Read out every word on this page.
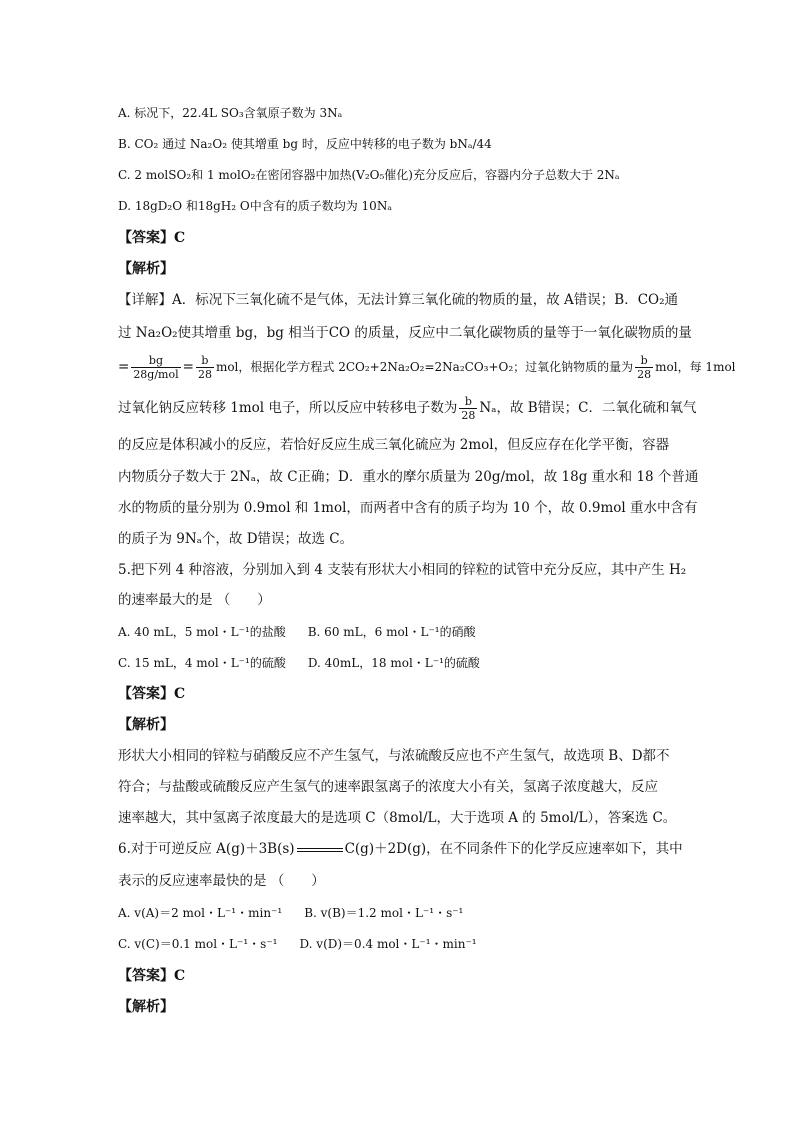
A. 标况下，22.4L SO₃含氧原子数为 3Nₐ
B. CO₂ 通过 Na₂O₂ 使其增重 bg 时，反应中转移的电子数为 bNₐ/44
C. 2 molSO₂和 1 molO₂在密闭容器中加热(V₂O₅催化)充分反应后，容器内分子总数大于 2Nₐ
D. 18gD₂O 和18gH₂ O中含有的质子数均为 10Nₐ
【答案】C
【解析】
【详解】A．标况下三氧化硫不是气体，无法计算三氧化硫的物质的量，故 A错误；B．CO₂通
过 Na₂O₂使其增重 bg，bg 相当于CO 的质量，反应中二氧化碳物质的量等于一氧化碳物质的量
= $\frac{bg}{\text{28g/mol}} = \frac{b}{28}$ mol，根据化学方程式 2CO₂+2Na₂O₂=2Na₂CO₃+O₂；过氧化钠物质的量为 $\frac{b}{28}$ mol，每 1mol
过氧化钠反应转移 1mol 电子，所以反应中转移电子数为 $\frac{b}{28}$ Nₐ，故 B错误；C．二氧化硫和氧气
的反应是体积减小的反应，若恰好反应生成三氧化硫应为 2mol，但反应存在化学平衡，容器
内物质分子数大于 2Nₐ，故 C正确；D．重水的摩尔质量为 20g/mol，故 18g 重水和 18 个普通
水的物质的量分别为 0.9mol 和 1mol，而两者中含有的质子均为 10 个，故 0.9mol 重水中含有
的质子为 9Nₐ个，故 D错误；故选 C。
5.把下列 4 种溶液，分别加入到 4 支装有形状大小相同的锌粒的试管中充分反应，其中产生 H₂
的速率最大的是 （　　）
A. 40 mL，5 mol・L⁻¹的盐酸 B. 60 mL，6 mol・L⁻¹的硝酸
C. 15 mL，4 mol・L⁻¹的硫酸 D. 40mL，18 mol・L⁻¹的硫酸
【答案】C
【解析】
形状大小相同的锌粒与硝酸反应不产生氢气，与浓硫酸反应也不产生氢气，故选项 B、D都不
符合；与盐酸或硫酸反应产生氢气的速率跟氢离子的浓度大小有关，氢离子浓度越大，反应
速率越大，其中氢离子浓度最大的是选项 C（8mol/L，大于选项 A 的 5mol/L），答案选 C。
6.对于可逆反应 A(g)＋3B(s)	C(g)＋2D(g)，在不同条件下的化学反应速率如下，其中
表示的反应速率最快的是 （　　）
A. v(A)＝2 mol・L⁻¹・min⁻¹ B. v(B)＝1.2 mol・L⁻¹・s⁻¹
C. v(C)＝0.1 mol・L⁻¹・s⁻¹ D. v(D)＝0.4 mol・L⁻¹・min⁻¹
【答案】C
【解析】
